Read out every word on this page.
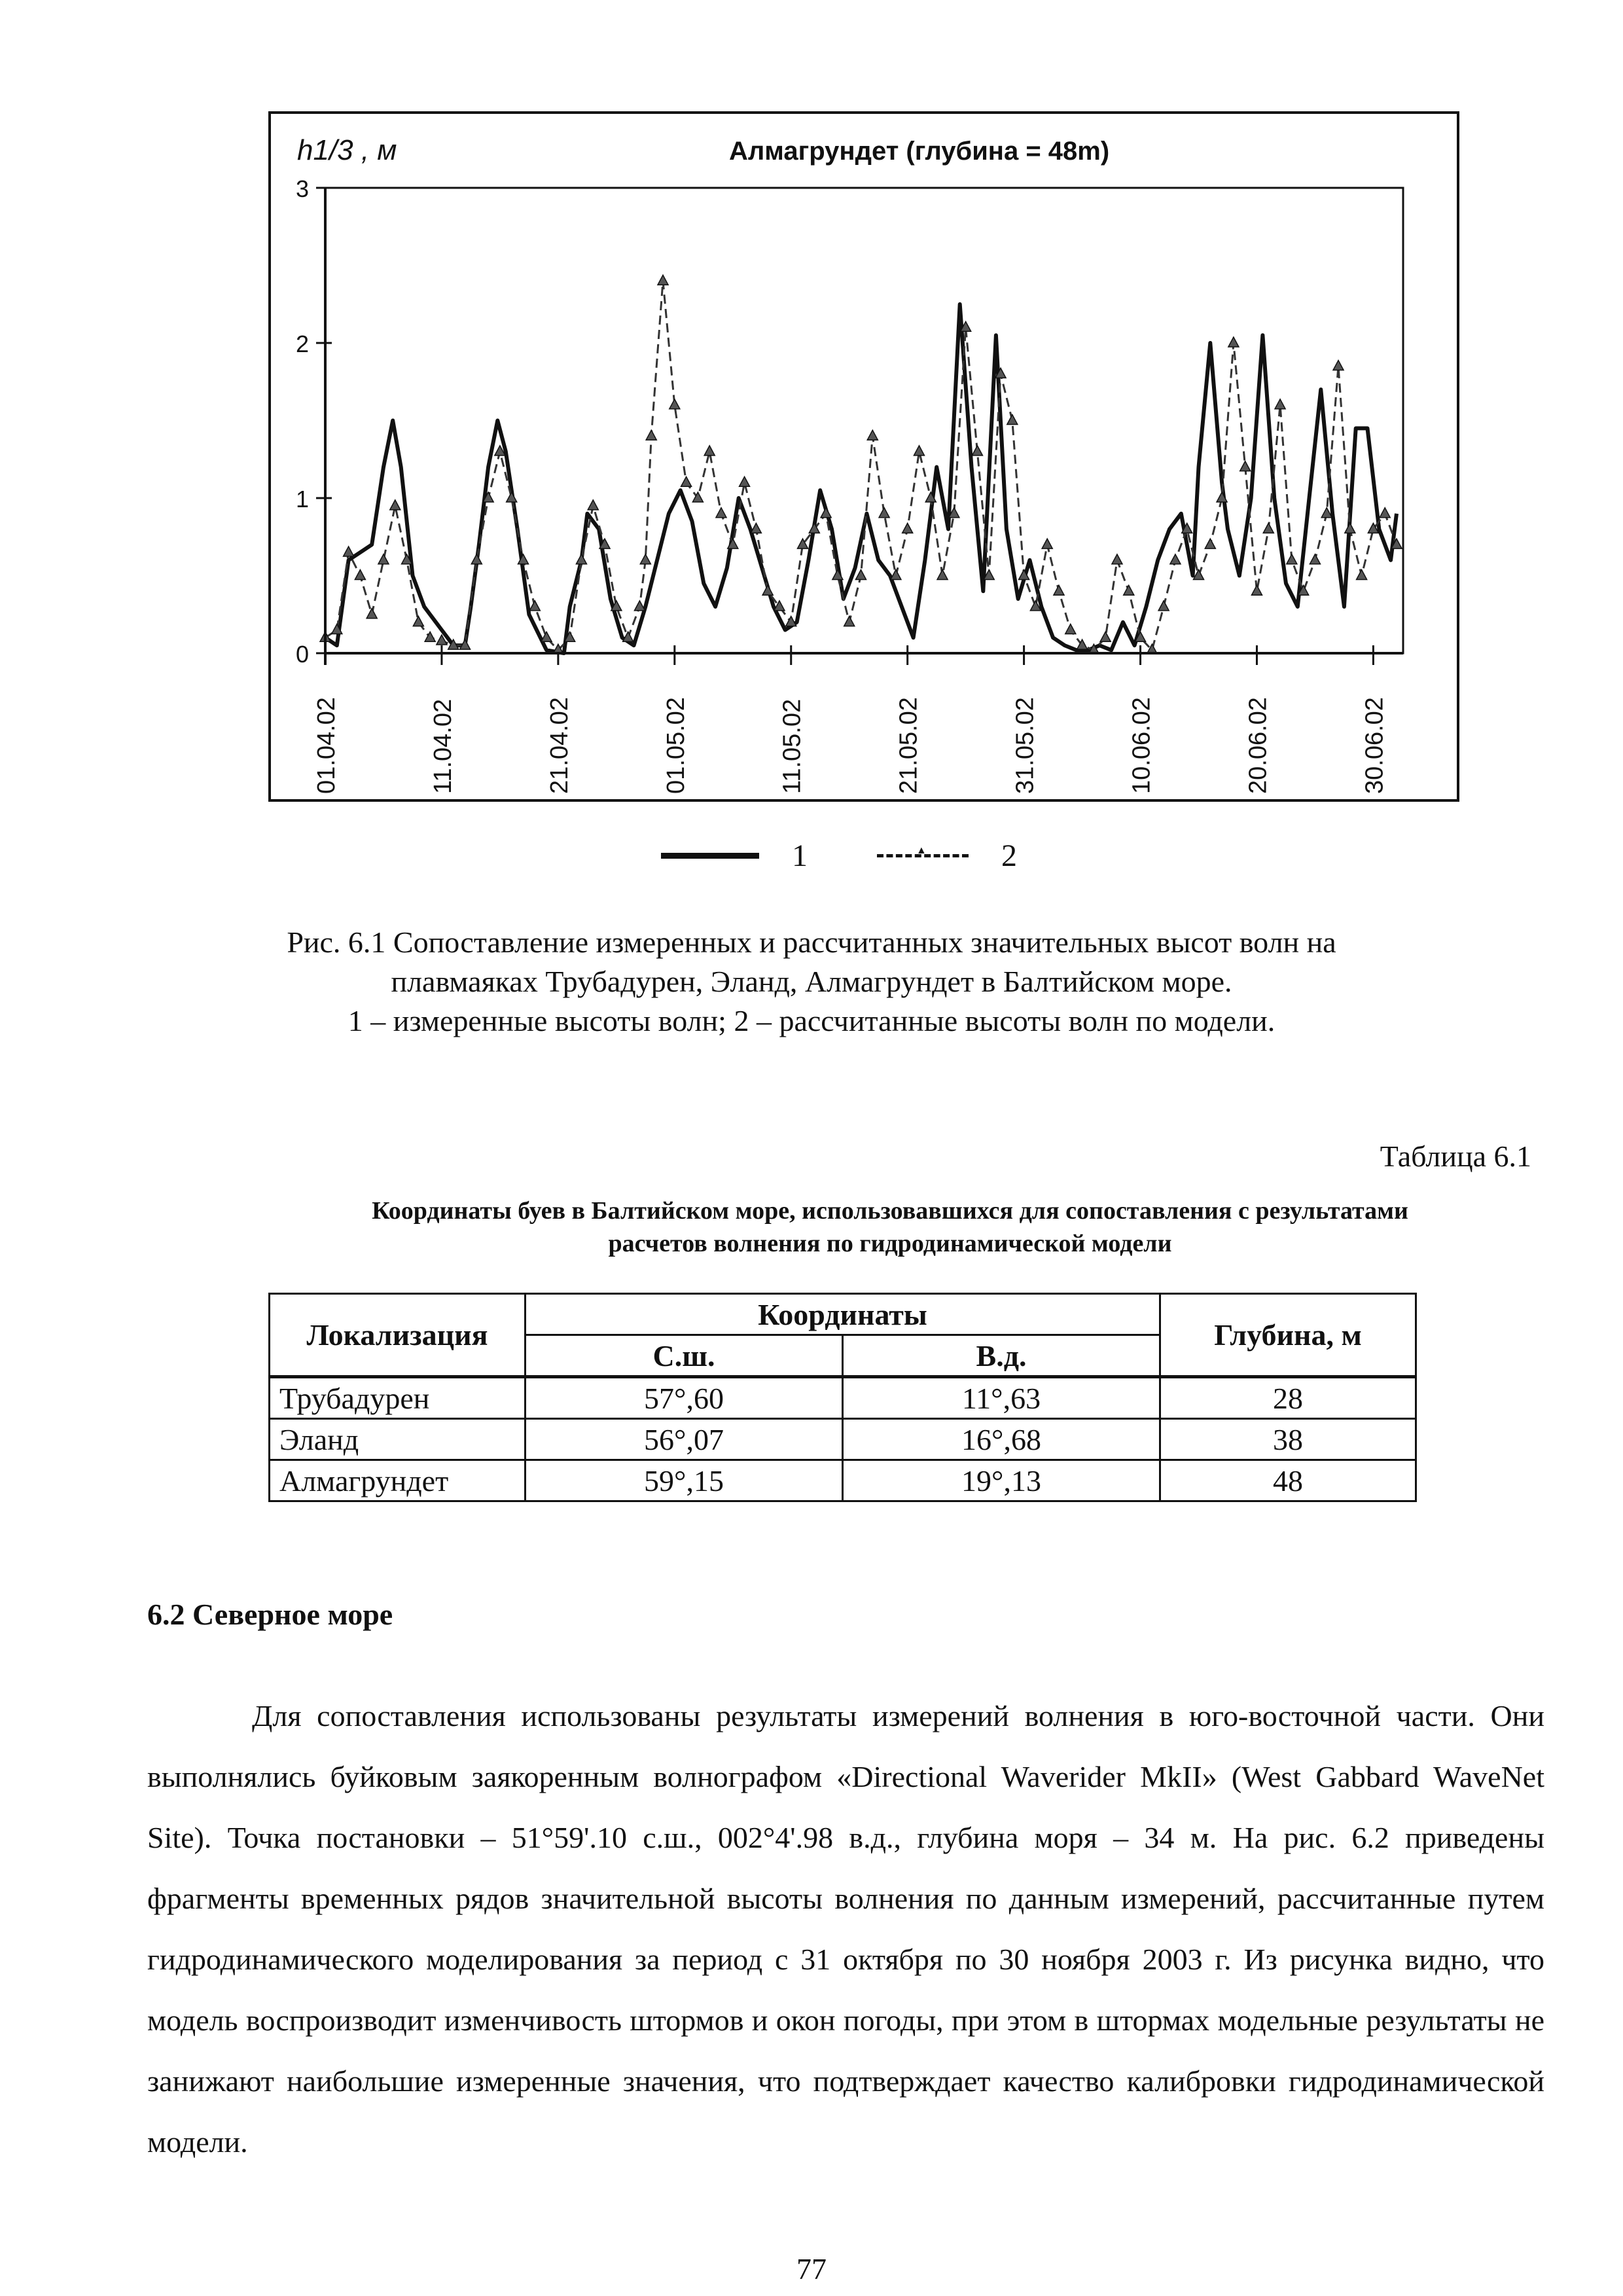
Алмагрундет (глубина = 48m)
h1/3 , м
0
1
2
3
01.04.02	11.04.02	21.04.02	01.05.02	11.05.02	21.05.02	31.05.02	10.06.02	20.06.02	30.06.02
1 ▲	2
Рис. 6.1 Сопоставление измеренных и рассчитанных значительных высот волн на
плавмаяках Трубадурен, Эланд, Алмагрундет в Балтийском море.
1 – измеренные высоты волн; 2 – рассчитанные высоты волн по модели.
Таблица 6.1
Координаты буев в Балтийском море, использовавшихся для сопоставления с результатами
расчетов волнения по гидродинамической модели
Локализация	Координаты		Глубина, м
	С.ш.	В.д.	
Трубадурен	57°,60	11°,63	28
Эланд	56°,07	16°,68	38
Алмагрундет	59°,15	19°,13	48
6.2 Северное море
Для сопоставления использованы результаты измерений волнения в юго-восточной части. Они выполнялись буйковым заякоренным волнографом «Directional Waverider MkII» (West Gabbard WaveNet Site). Точка постановки – 51°59'.10 с.ш., 002°4'.98 в.д., глубина моря – 34 м. На рис. 6.2 приведены фрагменты временных рядов значительной высоты волнения по данным измерений, рассчитанные путем гидродинамического моделирования за период с 31 октября по 30 ноября 2003 г. Из рисунка видно, что модель воспроизводит изменчивость штормов и окон погоды, при этом в штормах модельные результаты не занижают наибольшие измеренные значения, что подтверждает качество калибровки гидродинамической модели.
77
